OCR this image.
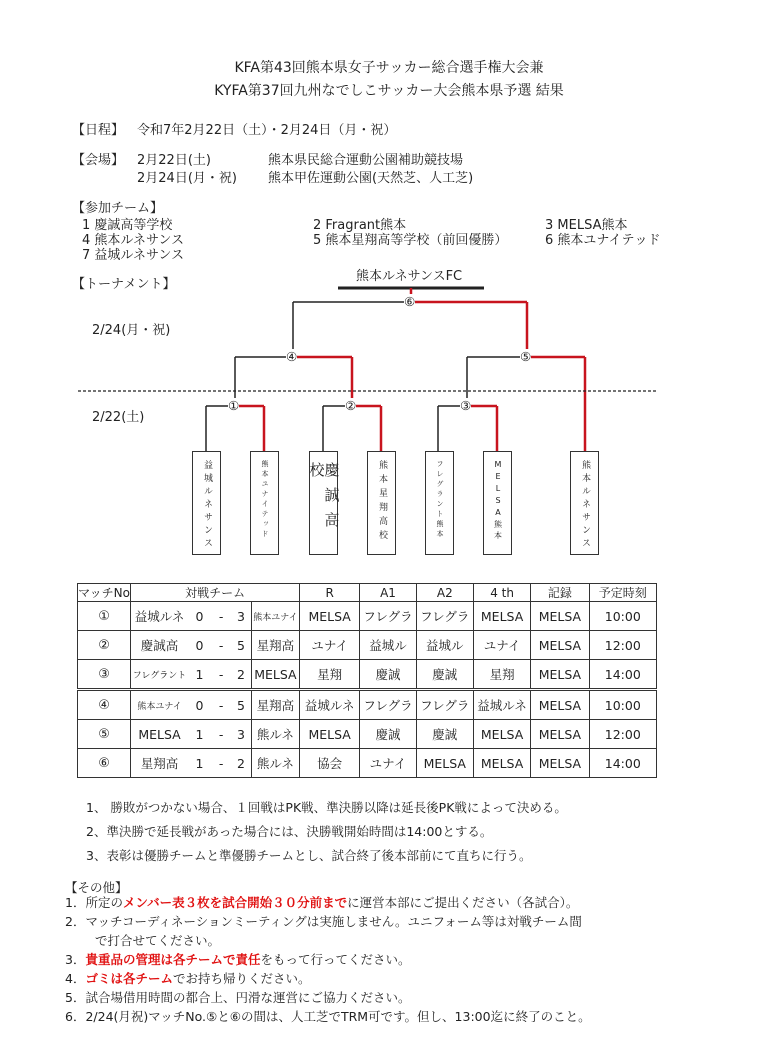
KFA第43回熊本県女子サッカー総合選手権大会兼
KYFA第37回九州なでしこサッカー大会熊本県予選 結果
【日程】 令和7年2月22日（土）・2月24日（月・祝）
【会場】 2月22日(土)	熊本県民総合運動公園補助競技場
2月24日(月・祝) 熊本甲佐運動公園(天然芝、人工芝)
【参加チーム】
1 慶誠高等学校	2 Fragrant熊本	3 MELSA熊本
4 熊本ルネサンス	5 熊本星翔高等学校（前回優勝）	6 熊本ユナイテッド
7 益城ルネサンス
【トーナメント】
熊本ルネサンスFC
2/24(月・祝)
2/22(土)
①	②	③
④	⑤
⑥
益城ルネサンス	熊本ユナイテッド	慶誠高校	熊本星翔高校	フレグラント熊本	MELSA熊本	熊本ルネサンス
マッチNo	対戦チーム					R	A1	A2	4 th	記録	予定時刻
①	益城ルネ	0	-	3	熊本ユナイ	MELSA	フレグラ	フレグラ	MELSA	MELSA	10:00
②	慶誠高	0	-	5	星翔高	ユナイ	益城ル	益城ル	ユナイ	MELSA	12:00
③	フレグラント	1	-	2	MELSA	星翔	慶誠	慶誠	星翔	MELSA	14:00
④	熊本ユナイ	0	-	5	星翔高	益城ルネ	フレグラ	フレグラ	益城ルネ	MELSA	10:00
⑤	MELSA	1	-	3	熊ルネ	MELSA	慶誠	慶誠	MELSA	MELSA	12:00
⑥	星翔高	1	-	2	熊ルネ	協会	ユナイ	MELSA	MELSA	MELSA	14:00
1、 勝敗がつかない場合、１回戦はPK戦、準決勝以降は延長後PK戦によって決める。
2、準決勝で延長戦があった場合には、決勝戦開始時間は14:00とする。
3、表彰は優勝チームと準優勝チームとし、試合終了後本部前にて直ちに行う。
【その他】
1．所定のメンバー表３枚を試合開始３０分前までに運営本部にご提出ください（各試合）。
2．マッチコーディネーションミーティングは実施しません。ユニフォーム等は対戦チーム間
で打合せてください。
3．貴重品の管理は各チームで責任をもって行ってください。
4．ゴミは各チームでお持ち帰りください。
5．試合場借用時間の都合上、円滑な運営にご協力ください。
6．2/24(月祝)マッチNo.⑤と⑥の間は、人工芝でTRM可です。但し、13:00迄に終了のこと。
